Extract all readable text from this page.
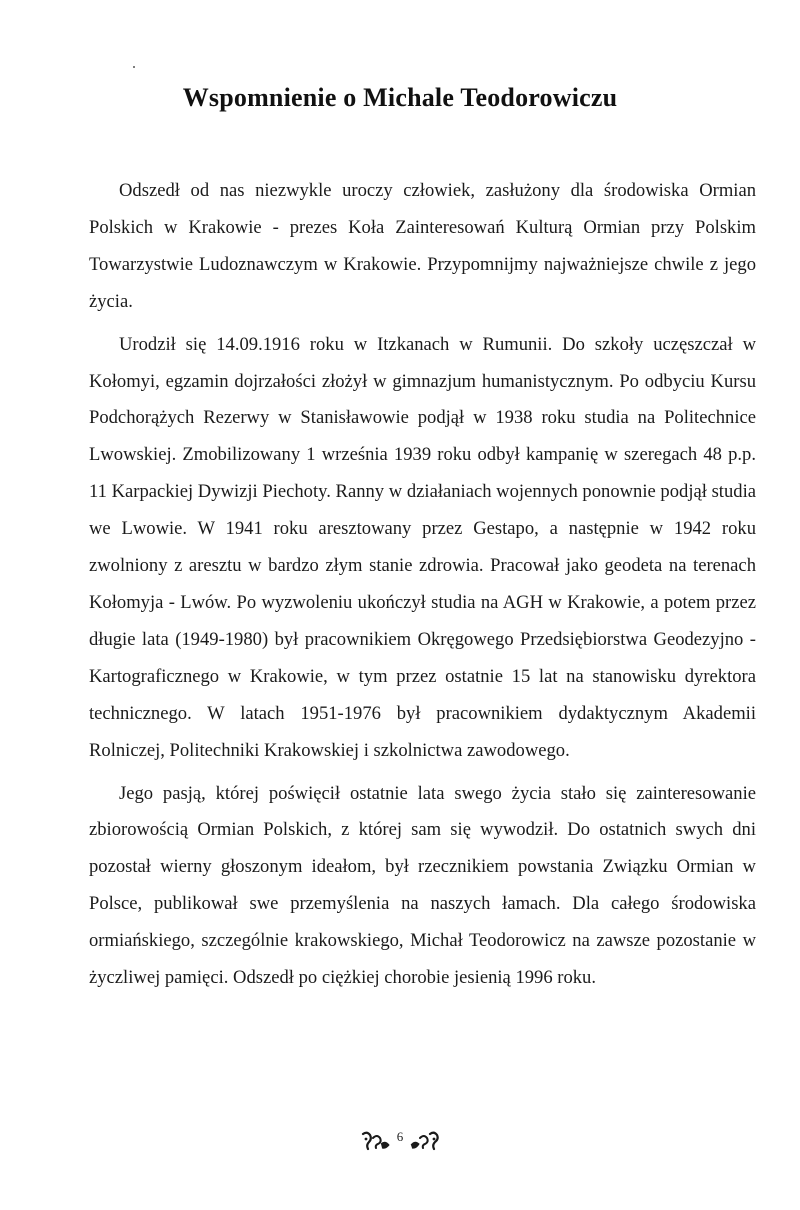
Wspomnienie o Michale Teodorowiczu

Odszedł od nas niezwykle uroczy człowiek, zasłużony dla środowiska Ormian Polskich w Krakowie - prezes Koła Zainteresowań Kulturą Ormian przy Polskim Towarzystwie Ludoznawczym w Krakowie. Przypomnijmy najważniejsze chwile z jego życia.

Urodził się 14.09.1916 roku w Itzkanach w Rumunii. Do szkoły uczęszczał w Kołomyi, egzamin dojrzałości złożył w gimnazjum humanistycznym. Po odbyciu Kursu Podchorążych Rezerwy w Stanisławowie podjął w 1938 roku studia na Politechnice Lwowskiej. Zmobilizowany 1 września 1939 roku odbył kampanię w szeregach 48 p.p. 11 Karpackiej Dywizji Piechoty. Ranny w działaniach wojennych ponownie podjął studia we Lwowie. W 1941 roku aresztowany przez Gestapo, a następnie w 1942 roku zwolniony z aresztu w bardzo złym stanie zdrowia. Pracował jako geodeta na terenach Kołomyja - Lwów. Po wyzwoleniu ukończył studia na AGH w Krakowie, a potem przez długie lata (1949-1980) był pracownikiem Okręgowego Przedsiębiorstwa Geodezyjno - Kartograficznego w Krakowie, w tym przez ostatnie 15 lat na stanowisku dyrektora technicznego. W latach 1951-1976 był pracownikiem dydaktycznym Akademii Rolniczej, Politechniki Krakowskiej i szkolnictwa zawodowego.

Jego pasją, której poświęcił ostatnie lata swego życia stało się zainteresowanie zbiorowością Ormian Polskich, z której sam się wywodził. Do ostatnich swych dni pozostał wierny głoszonym ideałom, był rzecznikiem powstania Związku Ormian w Polsce, publikował swe przemyślenia na naszych łamach. Dla całego środowiska ormiańskiego, szczególnie krakowskiego, Michał Teodorowicz na zawsze pozostanie w życzliwej pamięci. Odszedł po ciężkiej chorobie jesienią 1996 roku.

6
